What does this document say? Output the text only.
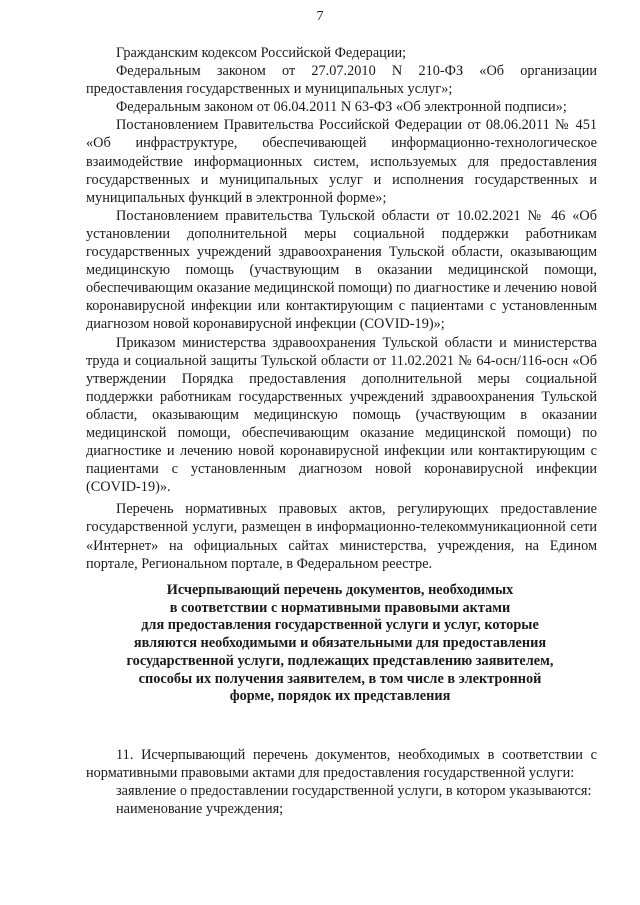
7

Гражданским кодексом Российской Федерации;

Федеральным законом от 27.07.2010 N 210-ФЗ «Об организации предоставления государственных и муниципальных услуг»;

Федеральным законом от 06.04.2011 N 63-ФЗ «Об электронной подписи»;

Постановлением Правительства Российской Федерации от 08.06.2011 № 451 «Об инфраструктуре, обеспечивающей информационно-технологическое взаимодействие информационных систем, используемых для предоставления государственных и муниципальных услуг и исполнения государственных и муниципальных функций в электронной форме»;

Постановлением правительства Тульской области от 10.02.2021 № 46 «Об установлении дополнительной меры социальной поддержки работникам государственных учреждений здравоохранения Тульской области, оказывающим медицинскую помощь (участвующим в оказании медицинской помощи, обеспечивающим оказание медицинской помощи) по диагностике и лечению новой коронавирусной инфекции или контактирующим с пациентами с установленным диагнозом новой коронавирусной инфекции (COVID-19)»;

Приказом министерства здравоохранения Тульской области и министерства труда и социальной защиты Тульской области от 11.02.2021 № 64-осн/116-осн «Об утверждении Порядка предоставления дополнительной меры социальной поддержки работникам государственных учреждений здравоохранения Тульской области, оказывающим медицинскую помощь (участвующим в оказании медицинской помощи, обеспечивающим оказание медицинской помощи) по диагностике и лечению новой коронавирусной инфекции или контактирующим с пациентами с установленным диагнозом новой коронавирусной инфекции (COVID-19)».

Перечень нормативных правовых актов, регулирующих предоставление государственной услуги, размещен в информационно-телекоммуникационной сети «Интернет» на официальных сайтах министерства, учреждения, на Едином портале, Региональном портале, в Федеральном реестре.

Исчерпывающий перечень документов, необходимых
в соответствии с нормативными правовыми актами
для предоставления государственной услуги и услуг, которые
являются необходимыми и обязательными для предоставления
государственной услуги, подлежащих представлению заявителем,
способы их получения заявителем, в том числе в электронной
форме, порядок их представления

11. Исчерпывающий перечень документов, необходимых в соответствии с нормативными правовыми актами для предоставления государственной услуги:

заявление о предоставлении государственной услуги, в котором указываются:

наименование учреждения;
